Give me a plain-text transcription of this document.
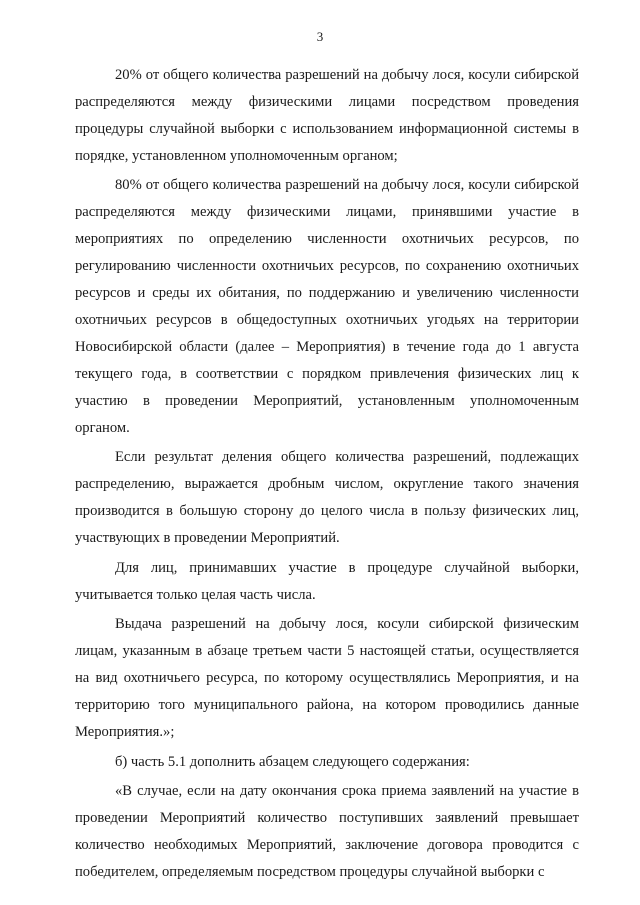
3

20% от общего количества разрешений на добычу лося, косули сибирской распределяются между физическими лицами посредством проведения процедуры случайной выборки с использованием информационной системы в порядке, установленном уполномоченным органом;

80% от общего количества разрешений на добычу лося, косули сибирской распределяются между физическими лицами, принявшими участие в мероприятиях по определению численности охотничьих ресурсов, по регулированию численности охотничьих ресурсов, по сохранению охотничьих ресурсов и среды их обитания, по поддержанию и увеличению численности охотничьих ресурсов в общедоступных охотничьих угодьях на территории Новосибирской области (далее – Мероприятия) в течение года до 1 августа текущего года, в соответствии с порядком привлечения физических лиц к участию в проведении Мероприятий, установленным уполномоченным органом.

Если результат деления общего количества разрешений, подлежащих распределению, выражается дробным числом, округление такого значения производится в большую сторону до целого числа в пользу физических лиц, участвующих в проведении Мероприятий.

Для лиц, принимавших участие в процедуре случайной выборки, учитывается только целая часть числа.

Выдача разрешений на добычу лося, косули сибирской физическим лицам, указанным в абзаце третьем части 5 настоящей статьи, осуществляется на вид охотничьего ресурса, по которому осуществлялись Мероприятия, и на территорию того муниципального района, на котором проводились данные Мероприятия.»;

б) часть 5.1 дополнить абзацем следующего содержания:

«В случае, если на дату окончания срока приема заявлений на участие в проведении Мероприятий количество поступивших заявлений превышает количество необходимых Мероприятий, заключение договора проводится с победителем, определяемым посредством процедуры случайной выборки с
